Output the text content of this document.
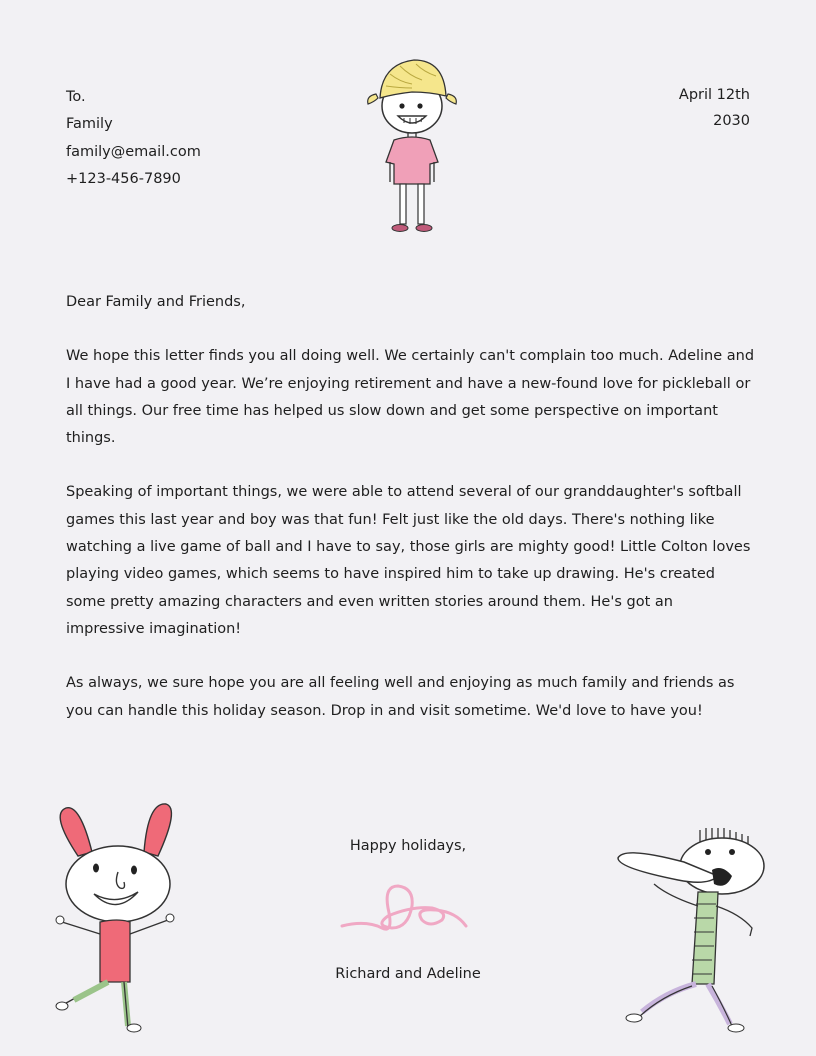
To.
Family
family@email.com
+123-456-7890
April 12th
2030

Dear Family and Friends,

We hope this letter finds you all doing well. We certainly can't complain too much. Adeline and I have had a good year. We’re enjoying retirement and have a new-found love for pickleball or all things. Our free time has helped us slow down and get some perspective on important things.

Speaking of important things, we were able to attend several of our granddaughter's softball games this last year and boy was that fun! Felt just like the old days. There's nothing like watching a live game of ball and I have to say, those girls are mighty good! Little Colton loves playing video games, which seems to have inspired him to take up drawing. He's created some pretty amazing characters and even written stories around them. He's got an impressive imagination!

As always, we sure hope you are all feeling well and enjoying as much family and friends as you can handle this holiday season. Drop in and visit sometime. We'd love to have you!

Happy holidays,
Richard and Adeline
